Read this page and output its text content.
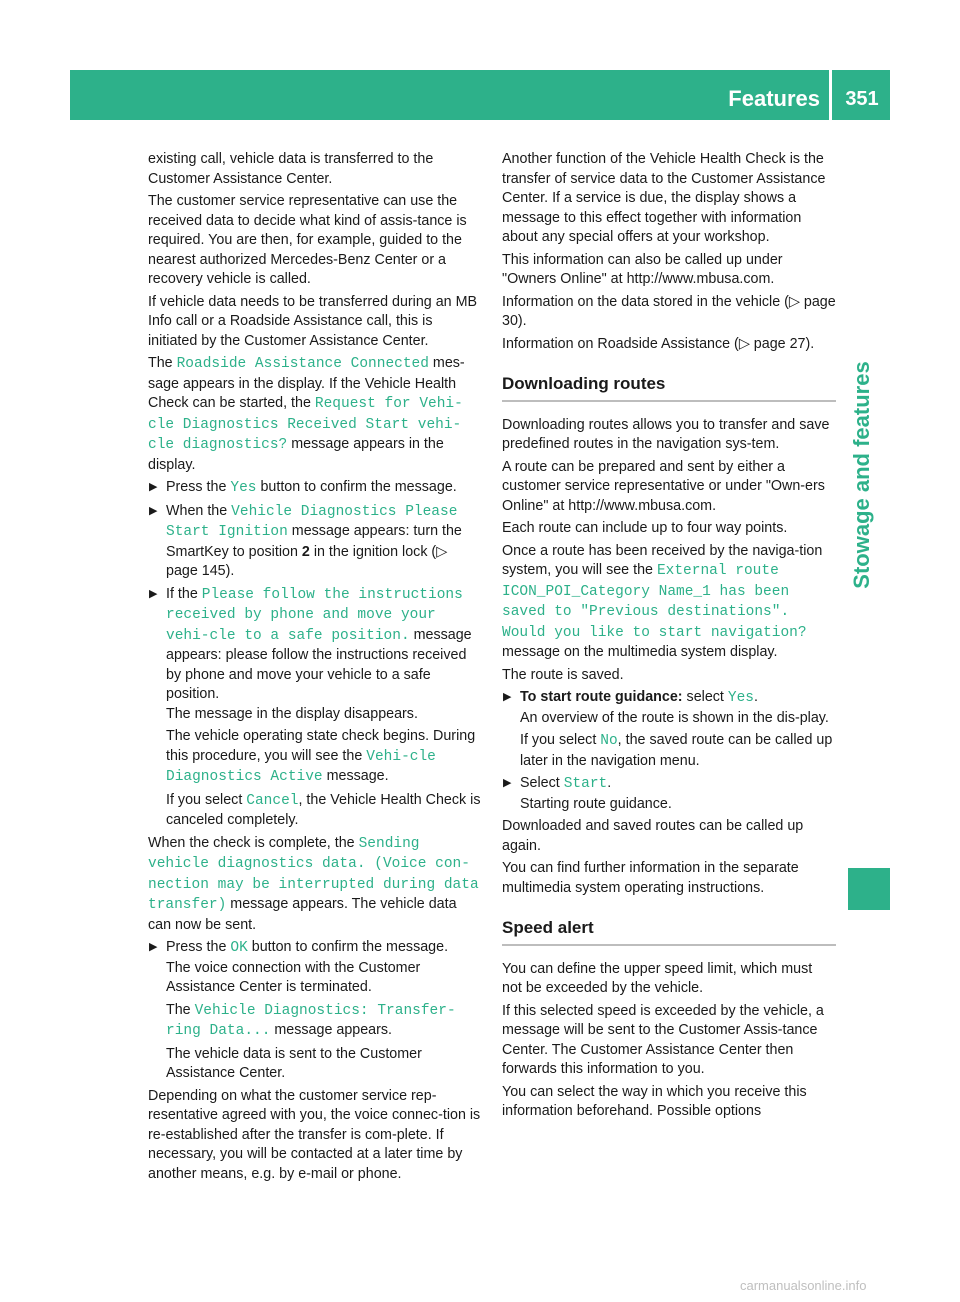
Features	351
Stowage and features

existing call, vehicle data is transferred to the Customer Assistance Center.

The customer service representative can use the received data to decide what kind of assis-tance is required. You are then, for example, guided to the nearest authorized Mercedes-Benz Center or a recovery vehicle is called.

If vehicle data needs to be transferred during an MB Info call or a Roadside Assistance call, this is initiated by the Customer Assistance Center.

The Roadside Assistance Connected mes-sage appears in the display. If the Vehicle Health Check can be started, the Request for Vehi-cle Diagnostics Received Start vehi-cle diagnostics? message appears in the display.

▶ Press the Yes button to confirm the message.

▶ When the Vehicle Diagnostics Please Start Ignition message appears: turn the SmartKey to position 2 in the ignition lock (▷ page 145).

▶ If the Please follow the instructions received by phone and move your vehi-cle to a safe position. message appears: please follow the instructions received by phone and move your vehicle to a safe position.

The message in the display disappears.

The vehicle operating state check begins. During this procedure, you will see the Vehi-cle Diagnostics Active message.

If you select Cancel, the Vehicle Health Check is canceled completely.

When the check is complete, the Sending vehicle diagnostics data. (Voice con-nection may be interrupted during data transfer) message appears. The vehicle data can now be sent.

▶ Press the OK button to confirm the message.

The voice connection with the Customer Assistance Center is terminated.

The Vehicle Diagnostics: Transfer-ring Data... message appears.

The vehicle data is sent to the Customer Assistance Center.

Depending on what the customer service rep-resentative agreed with you, the voice connec-tion is re-established after the transfer is com-plete. If necessary, you will be contacted at a later time by another means, e.g. by e-mail or phone.

Another function of the Vehicle Health Check is the transfer of service data to the Customer Assistance Center. If a service is due, the display shows a message to this effect together with information about any special offers at your workshop.

This information can also be called up under "Owners Online" at http://www.mbusa.com.

Information on the data stored in the vehicle (▷ page 30).

Information on Roadside Assistance (▷ page 27).

Downloading routes

Downloading routes allows you to transfer and save predefined routes in the navigation sys-tem.

A route can be prepared and sent by either a customer service representative or under "Own-ers Online" at http://www.mbusa.com.

Each route can include up to four way points.

Once a route has been received by the naviga-tion system, you will see the External route ICON_POI_Category Name_1 has been saved to "Previous destinations". Would you like to start navigation? message on the multimedia system display.

The route is saved.

▶ To start route guidance: select Yes.

An overview of the route is shown in the dis-play.

If you select No, the saved route can be called up later in the navigation menu.

▶ Select Start.

Starting route guidance.

Downloaded and saved routes can be called up again.

You can find further information in the separate multimedia system operating instructions.

Speed alert

You can define the upper speed limit, which must not be exceeded by the vehicle.

If this selected speed is exceeded by the vehicle, a message will be sent to the Customer Assis-tance Center. The Customer Assistance Center then forwards this information to you.

You can select the way in which you receive this information beforehand. Possible options

carmanualsonline.info
